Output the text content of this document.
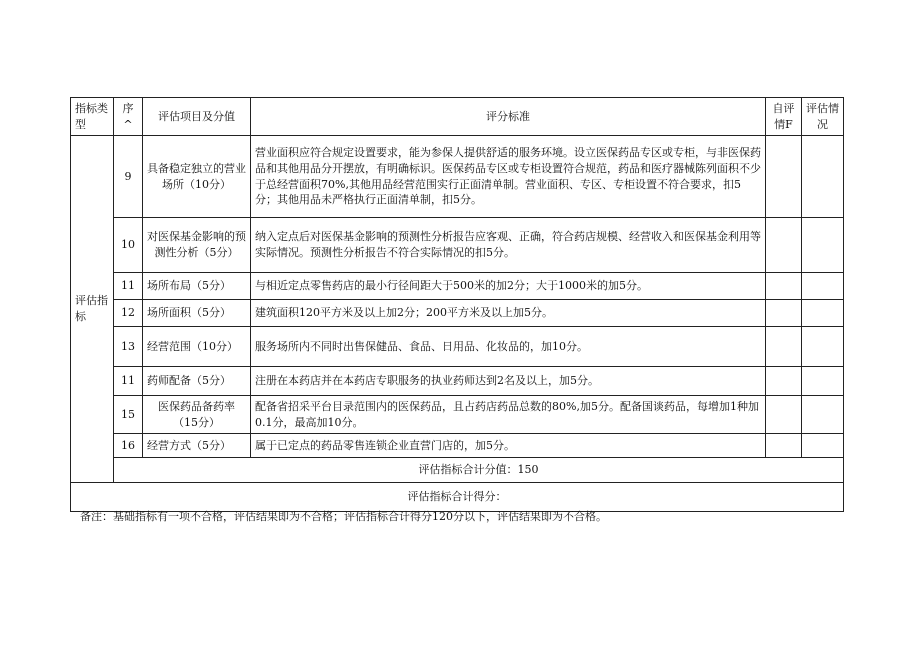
指标类型	序^	评估项目及分值	评分标准	自评情F	评估情况
评估指标	9	具备稳定独立的营业场所（10分）	营业面积应符合规定设置要求，能为参保人提供舒适的服务环境。设立医保药品专区或专柜，与非医保药品和其他用品分开摆放，有明确标识。医保药品专区或专柜设置符合规范，药品和医疗器械陈列面积不少于总经营面积70%,其他用品经营范围实行正面清单制。营业面积、专区、专柜设置不符合要求，扣5分；其他用品未严格执行正面清单制，扣5分。		
	10	对医保基金影响的预测性分析（5分）	纳入定点后对医保基金影响的预测性分析报告应客观、正确，符合药店规模、经营收入和医保基金利用等实际情况。预测性分析报告不符合实际情况的扣5分。		
	11	场所布局（5分）	与相近定点零售药店的最小行径间距大于500米的加2分；大于1000米的加5分。		
	12	场所面积（5分）	建筑面积120平方米及以上加2分；200平方米及以上加5分。		
	13	经营范围（10分）	服务场所内不同时出售保健品、食品、日用品、化妆品的，加10分。		
	11	药师配备（5分）	注册在本药店并在本药店专职服务的执业药师达到2名及以上，加5分。		
	15	医保药品备药率（15分）	配备省招采平台目录范围内的医保药品，且占药店药品总数的80%,加5分。配备国谈药品，每增加1种加0.1分，最高加10分。		
	16	经营方式（5分）	属于已定点的药品零售连锁企业直营门店的，加5分。		
	评估指标合计分值：150				
评估指标合计得分：					
备注：基础指标有一项不合格，评估结果即为不合格；评估指标合计得分120分以下，评估结果即为不合格。
